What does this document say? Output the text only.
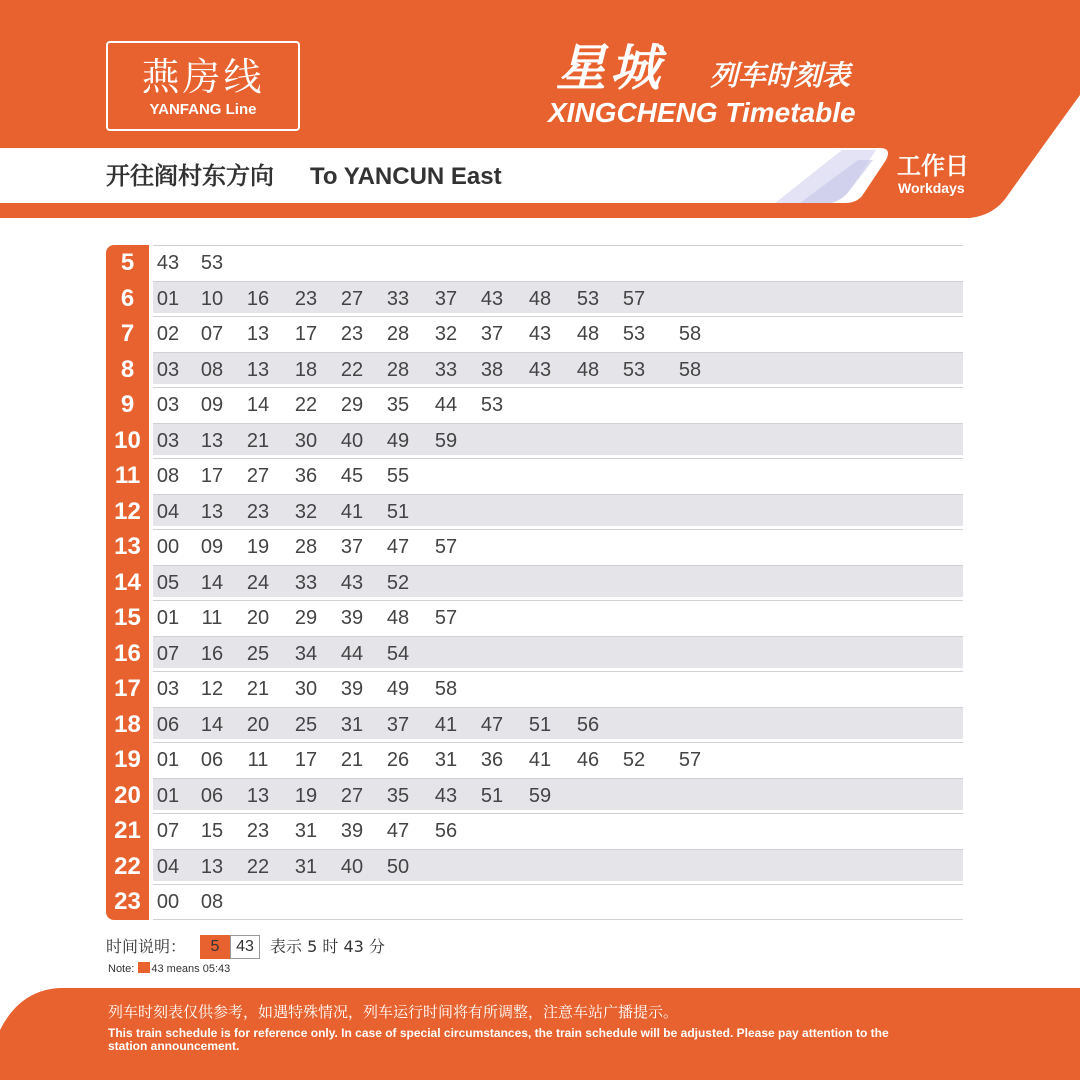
燕房线
YANFANG Line
星城 列车时刻表
XINGCHENG Timetable
开往阎村东方向 To YANCUN East	工作日
Workdays
5	43	53
6	01	10	16	23	27	33	37	43	48	53	57
7	02	07	13	17	23	28	32	37	43	48	53	58
8	03	08	13	18	22	28	33	38	43	48	53	58
9	03	09	14	22	29	35	44	53
10 03	13	21	30	40	49	59
11 08	17	27	36	45	55
12 04	13	23	32	41	51
13 00	09	19	28	37	47	57
14 05	14	24	33	43	52
15 01	11	20	29	39	48	57
16 07	16	25	34	44	54
17 03	12	21	30	39	49	58
18 06	14	20	25	31	37	41	47	51	56
19 01	06	11	17	21	26	31	36	41	46	52	57
20 01	06	13	19	27	35	43	51	59
21 07	15	23	31	39	47	56
22 04	13	22	31	40	50
23 00	08
时间说明：	5	43	表示 5 时 43 分
Note: 43 means 05:43
列车时刻表仅供参考，如遇特殊情况，列车运行时间将有所调整，注意车站广播提示。
This train schedule is for reference only. In case of special circumstances, the train schedule will be adjusted. Please pay attention to the station announcement.
